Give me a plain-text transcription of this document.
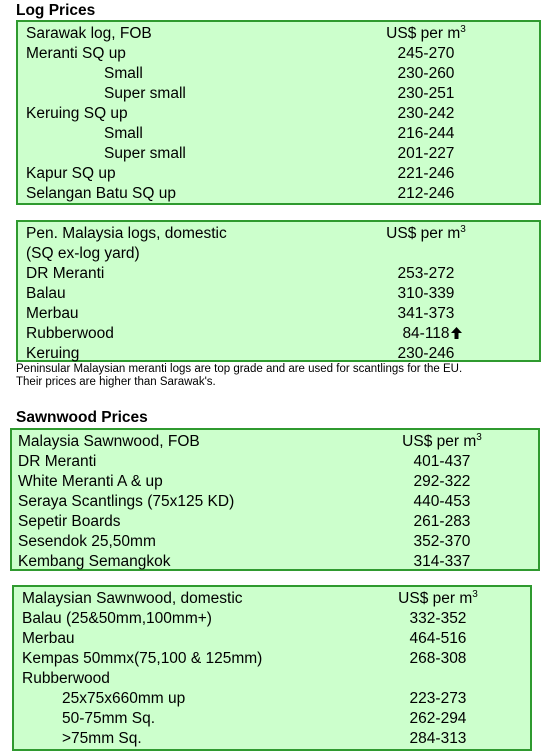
Log Prices
Sarawak log, FOB	US$ per $m^3$
Meranti SQ up	245-270
Small	230-260
Super small	230-251
Keruing SQ up	230-242
Small	216-244
Super small	201-227
Kapur SQ up	221-246
Selangan Batu SQ up	212-246
Pen. Malaysia logs, domestic	US$ per $m^3$
(SQ ex-log yard)
DR Meranti	253-272
Balau	310-339
Merbau	341-373
Rubberwood	84-118
Keruing	230-246

Peninsular Malaysian meranti logs are top grade and are used for scantlings for the EU.
Their prices are higher than Sarawak's.

Sawnwood Prices
Malaysia Sawnwood, FOB	US$ per $m^3$
DR Meranti	401-437
White Meranti A & up	292-322
Seraya Scantlings (75x125 KD)	440-453
Sepetir Boards	261-283
Sesendok 25,50mm	352-370
Kembang Semangkok	314-337
Malaysian Sawnwood, domestic	US$ per $m^3$
Balau (25&50mm,100mm+)	332-352
Merbau	464-516
Kempas 50mmx(75,100 & 125mm)	268-308
Rubberwood
25x75x660mm up	223-273
50-75mm Sq.	262-294
>75mm Sq.	284-313
